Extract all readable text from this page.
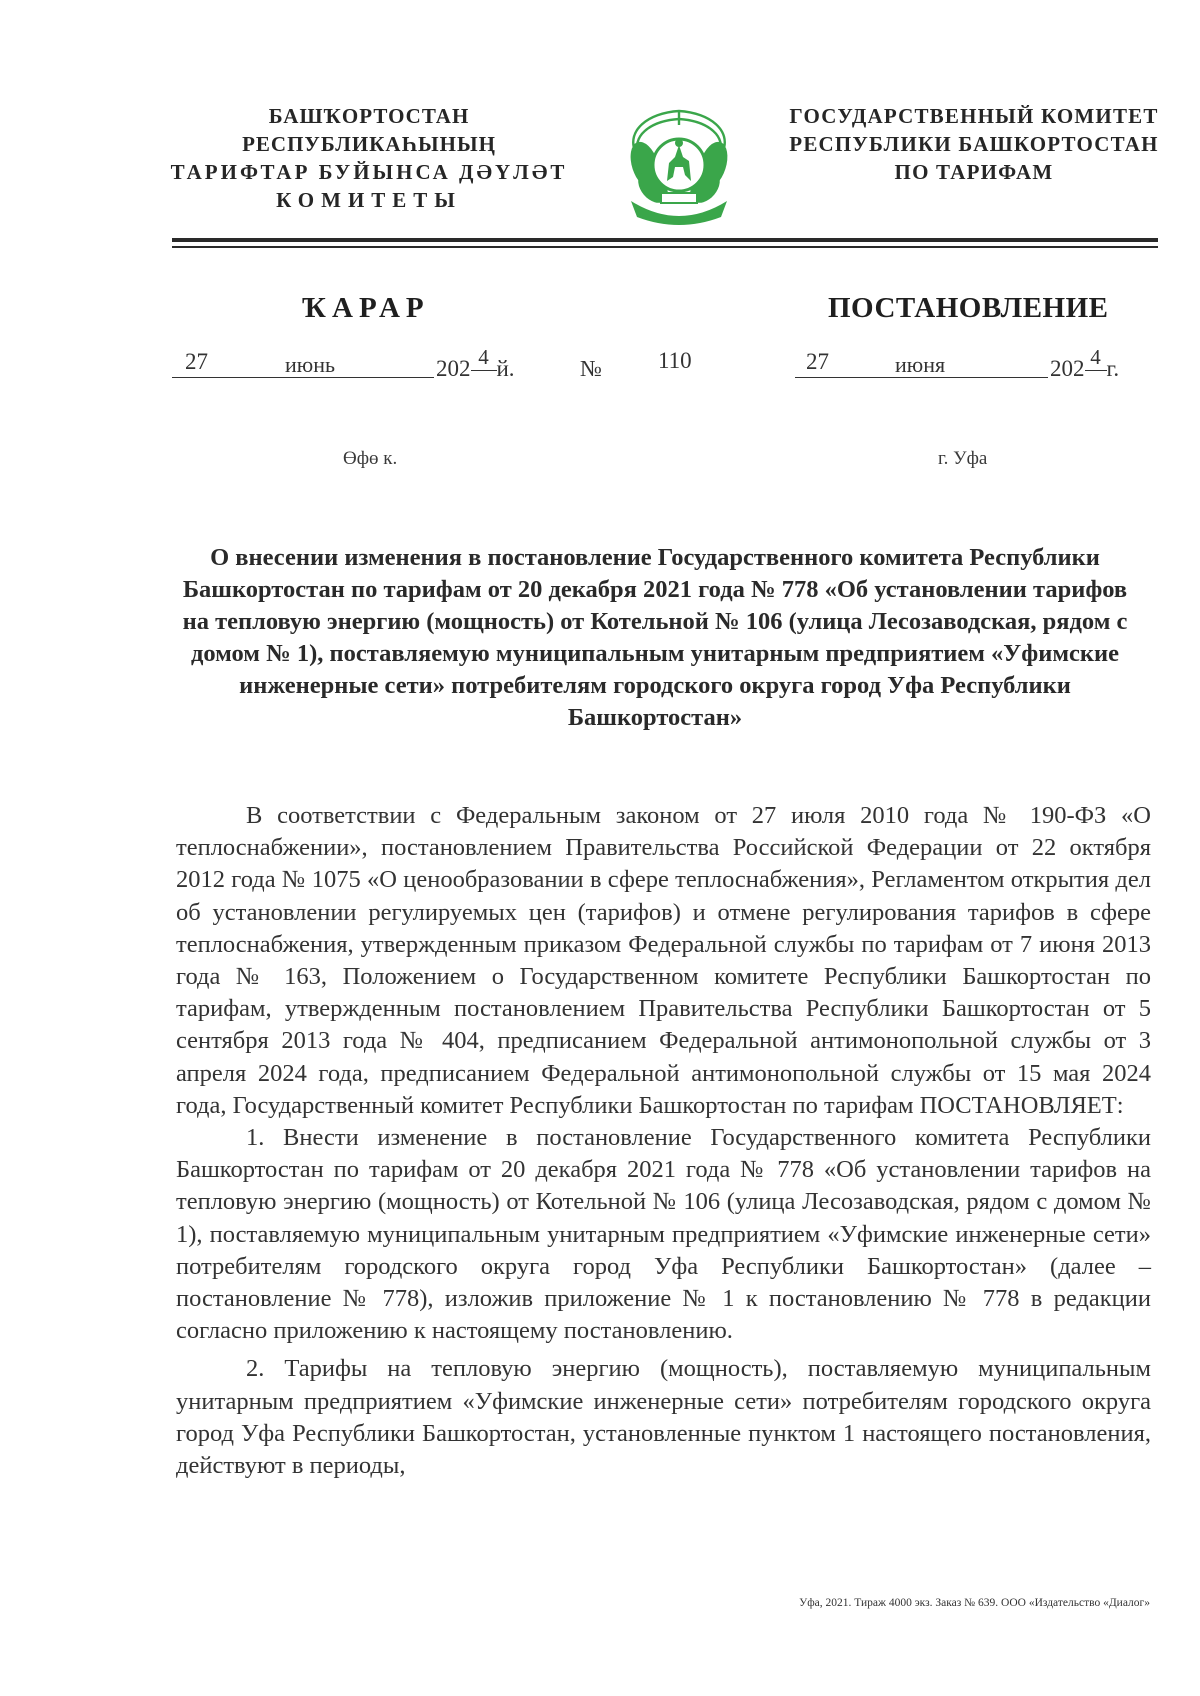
БАШҠОРТОСТАН РЕСПУБЛИКАҺЫНЫҢ
ТАРИФТАР БУЙЫНСА ДӘҮЛӘТ
КОМИТЕТЫ
ГОСУДАРСТВЕННЫЙ КОМИТЕТ
РЕСПУБЛИКИ БАШКОРТОСТАН
ПО ТАРИФАМ
ҠАРАР	ПОСТАНОВЛЕНИЕ
27	июнь	202 4 й.	№ 110	27	июня	202 4 г.
Өфө к.	г. Уфа
О внесении изменения в постановление Государственного комитета Республики Башкортостан по тарифам от 20 декабря 2021 года № 778 «Об установлении тарифов на тепловую энергию (мощность) от Котельной № 106 (улица Лесозаводская, рядом с домом № 1), поставляемую муниципальным унитарным предприятием «Уфимские инженерные сети» потребителям городского округа город Уфа Республики Башкортостан»

В соответствии с Федеральным законом от 27 июля 2010 года № 190-ФЗ «О теплоснабжении», постановлением Правительства Российской Федерации от 22 октября 2012 года № 1075 «О ценообразовании в сфере теплоснабжения», Регламентом открытия дел об установлении регулируемых цен (тарифов) и отмене регулирования тарифов в сфере теплоснабжения, утвержденным приказом Федеральной службы по тарифам от 7 июня 2013 года № 163, Положением о Государственном комитете Республики Башкортостан по тарифам, утвержденным постановлением Правительства Республики Башкортостан от 5 сентября 2013 года № 404, предписанием Федеральной антимонопольной службы от 3 апреля 2024 года, предписанием Федеральной антимонопольной службы от 15 мая 2024 года, Государственный комитет Республики Башкортостан по тарифам ПОСТАНОВЛЯЕТ:

1. Внести изменение в постановление Государственного комитета Республики Башкортостан по тарифам от 20 декабря 2021 года № 778 «Об установлении тарифов на тепловую энергию (мощность) от Котельной № 106 (улица Лесозаводская, рядом с домом № 1), поставляемую муниципальным унитарным предприятием «Уфимские инженерные сети» потребителям городского округа город Уфа Республики Башкортостан» (далее – постановление № 778), изложив приложение № 1 к постановлению № 778 в редакции согласно приложению к настоящему постановлению.

2. Тарифы на тепловую энергию (мощность), поставляемую муниципальным унитарным предприятием «Уфимские инженерные сети» потребителям городского округа город Уфа Республики Башкортостан, установленные пунктом 1 настоящего постановления, действуют в периоды,

Уфа, 2021. Тираж 4000 экз. Заказ № 639. ООО «Издательство «Диалог»
